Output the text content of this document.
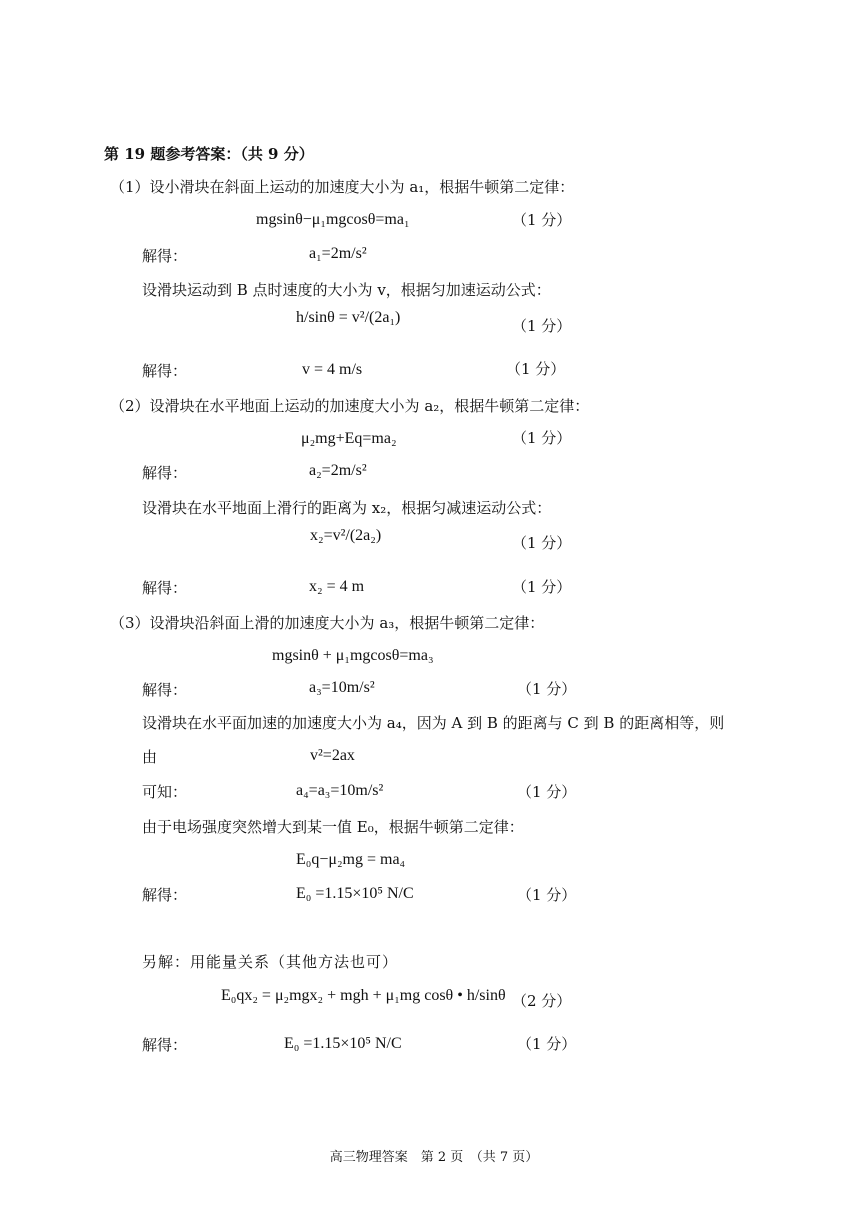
第 19 题参考答案：（共 9 分）
（1）设小滑块在斜面上运动的加速度大小为 a₁，根据牛顿第二定律：
mgsinθ−μ₁mgcosθ=ma₁	（1 分）
解得：	a₁=2m/s²
设滑块运动到 B 点时速度的大小为 v，根据匀加速运动公式：
h/sinθ = v²/(2a₁)	（1 分）
解得：	v = 4 m/s	（1 分）
（2）设滑块在水平地面上运动的加速度大小为 a₂，根据牛顿第二定律：
μ₂mg+Eq=ma₂	（1 分）
解得：	a₂=2m/s²
设滑块在水平地面上滑行的距离为 x₂，根据匀减速运动公式：
x₂=v²/(2a₂)	（1 分）
解得：	x₂ = 4 m	（1 分）
（3）设滑块沿斜面上滑的加速度大小为 a₃，根据牛顿第二定律：
mgsinθ + μ₁mgcosθ=ma₃
解得：	a₃=10m/s²	（1 分）
设滑块在水平面加速的加速度大小为 a₄，因为 A 到 B 的距离与 C 到 B 的距离相等，则
由	v²=2ax
可知：	a₄=a₃=10m/s²	（1 分）
由于电场强度突然增大到某一值 E₀，根据牛顿第二定律：
E₀q−μ₂mg = ma₄
解得：	E₀ =1.15×10⁵ N/C	（1 分）
另解：用能量关系（其他方法也可）
E₀qx₂ = μ₂mgx₂ + mgh + μ₁mg cosθ • h/sinθ （2 分）
解得：	E₀ =1.15×10⁵ N/C	（1 分）
高三物理答案　第 2 页　（共 7 页）
